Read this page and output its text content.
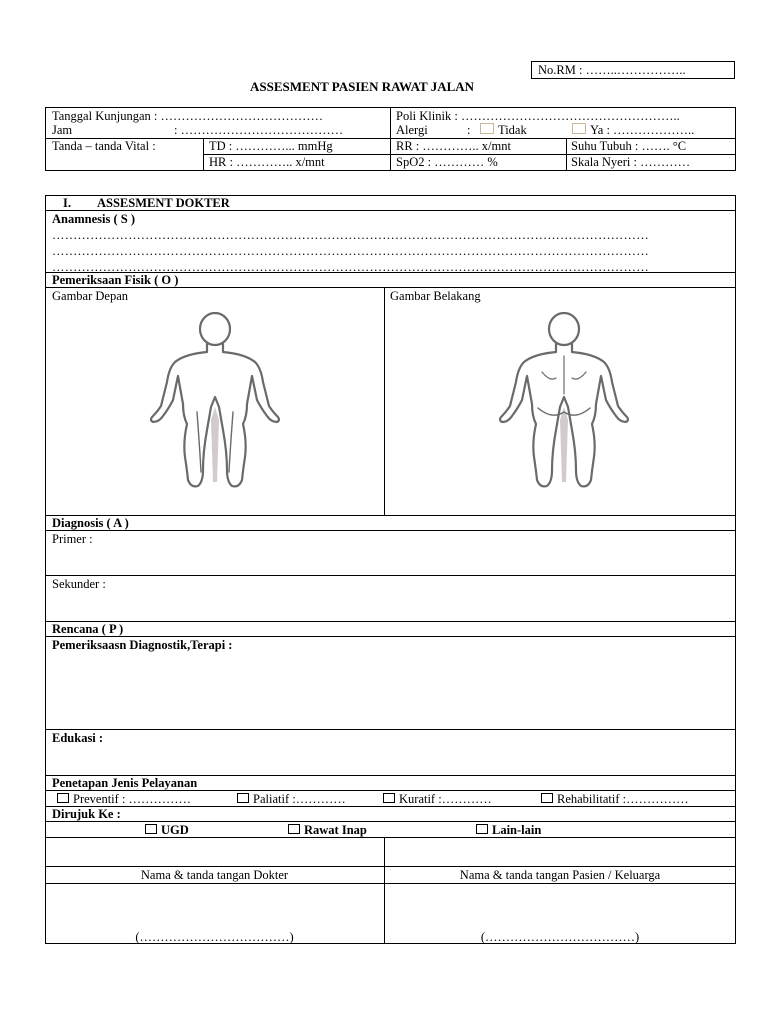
No.RM : ……..……………..
ASSESMENT PASIEN RAWAT JALAN
Tanggal Kunjungan : …………………………………	Poli Klinik : ……………………………………………..
Jam	: …………………………………	Alergi	:	Tidak	Ya : ………………..
Tanda – tanda Vital :	TD : …………... mmHg	RR : ………….. x/mnt	Suhu Tubuh : ……. °C
HR : ………….. x/mnt	SpO2 : ………… %	Skala Nyeri : …………
I. ASSESMENT DOKTER
Anamnesis ( S )
……………………………………………………………………………………………………………………………
……………………………………………………………………………………………………………………………
……………………………………………………………………………………………………………………………
Pemeriksaan Fisik ( O )
Gambar Depan	Gambar Belakang
Diagnosis ( A )
Primer :
Sekunder :
Rencana ( P )
Pemeriksaasn Diagnostik,Terapi :
Edukasi :
Penetapan Jenis Pelayanan
Preventif : ……………	Paliatif :…………	Kuratif :…………	Rehabilitatif :……………
Dirujuk Ke :
UGD	Rawat Inap	Lain-lain
Nama & tanda tangan Dokter	Nama & tanda tangan Pasien / Keluarga
(………………………………)	(………………………………)
